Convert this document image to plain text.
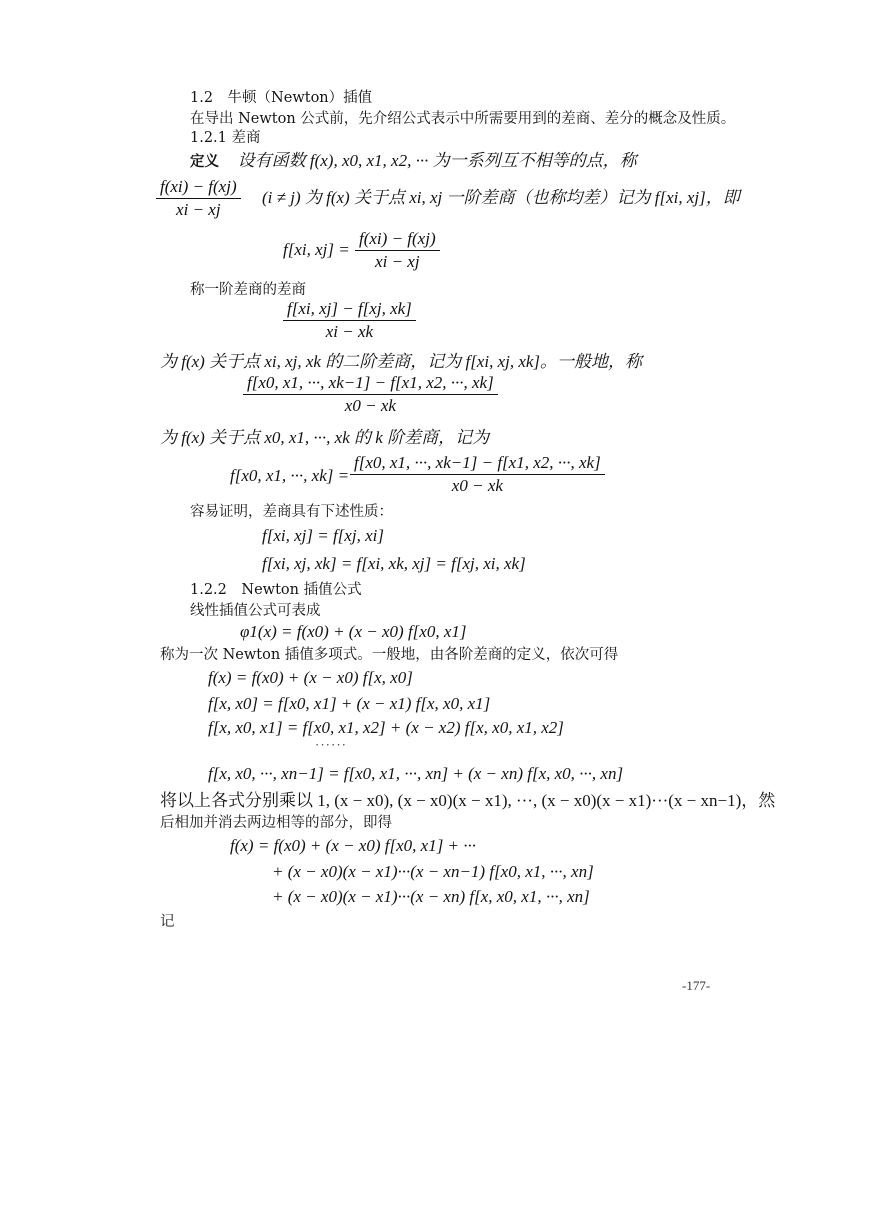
1.2　牛顿（Newton）插值
在导出 Newton 公式前，先介绍公式表示中所需要用到的差商、差分的概念及性质。
1.2.1 差商
定义 设有函数 f(x), x0, x1, x2, ··· 为一系列互不相等的点，称
f(xi) − f(xj)
xi − xj
(i ≠ j) 为 f(x) 关于点 xi, xj 一阶差商（也称均差）记为 f[xi, xj]，即
f[xi, xj] =
f(xi) − f(xj)
xi − xj
称一阶差商的差商
f[xi, xj] − f[xj, xk]
xi − xk
为 f(x) 关于点 xi, xj, xk 的二阶差商，记为 f[xi, xj, xk]。一般地，称
f[x0, x1, ···, xk−1] − f[x1, x2, ···, xk]
x0 − xk
为 f(x) 关于点 x0, x1, ···, xk 的 k 阶差商，记为
f[x0, x1, ···, xk] =
f[x0, x1, ···, xk−1] − f[x1, x2, ···, xk]
x0 − xk
容易证明，差商具有下述性质：
f[xi, xj] = f[xj, xi]
f[xi, xj, xk] = f[xi, xk, xj] = f[xj, xi, xk]
1.2.2　Newton 插值公式
线性插值公式可表成
φ1(x) = f(x0) + (x − x0) f[x0, x1]
称为一次 Newton 插值多项式。一般地，由各阶差商的定义，依次可得
f(x) = f(x0) + (x − x0) f[x, x0]
f[x, x0] = f[x0, x1] + (x − x1) f[x, x0, x1]
f[x, x0, x1] = f[x0, x1, x2] + (x − x2) f[x, x0, x1, x2]
······
f[x, x0, ···, xn−1] = f[x0, x1, ···, xn] + (x − xn) f[x, x0, ···, xn]
将以上各式分别乘以 1, (x − x0), (x − x0)(x − x1), ···, (x − x0)(x − x1)···(x − xn−1)，然
后相加并消去两边相等的部分，即得
f(x) = f(x0) + (x − x0) f[x0, x1] + ···
+ (x − x0)(x − x1)···(x − xn−1) f[x0, x1, ···, xn]
+ (x − x0)(x − x1)···(x − xn) f[x, x0, x1, ···, xn]
记
-177-
